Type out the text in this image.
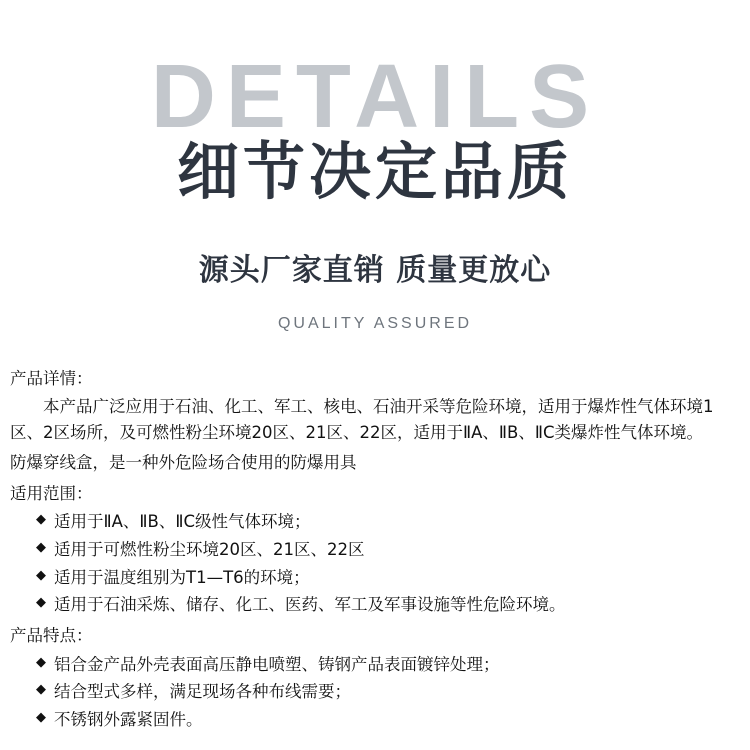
DETAILS
细节决定品质
源头厂家直销 质量更放心
QUALITY ASSURED

产品详情：

本产品广泛应用于石油、化工、军工、核电、石油开采等危险环境，适用于爆炸性气体环境1区、2区场所，及可燃性粉尘环境20区、21区、22区，适用于ⅡA、ⅡB、ⅡC类爆炸性气体环境。

防爆穿线盒，是一种外危险场合使用的防爆用具

适用范围：

◆ 适用于ⅡA、ⅡB、ⅡC级性气体环境；
◆ 适用于可燃性粉尘环境20区、21区、22区
◆ 适用于温度组别为T1—T6的环境；
◆ 适用于石油采炼、储存、化工、医药、军工及军事设施等性危险环境。

产品特点：

◆ 铝合金产品外壳表面高压静电喷塑、铸钢产品表面镀锌处理；
◆ 结合型式多样，满足现场各种布线需要；
◆ 不锈钢外露紧固件。
